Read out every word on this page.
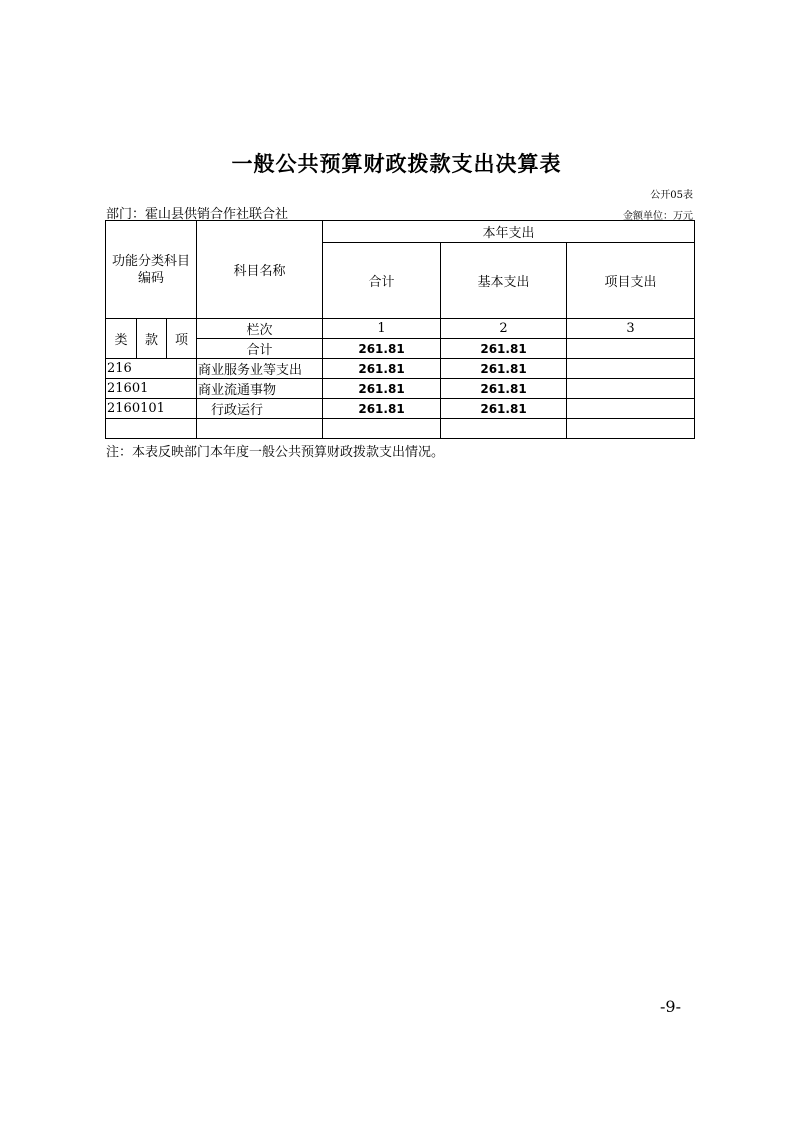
一般公共预算财政拨款支出决算表
公开05表
部门：霍山县供销合作社联合社	金额单位：万元
功能分类科目编码			科目名称	本年支出		
				合计	基本支出	项目支出
类	款	项	栏次	1	2	3
			合计	261.81	261.81	
216			商业服务业等支出	261.81	261.81	
21601			商业流通事物	261.81	261.81	
2160101			行政运行	261.81	261.81	

注：本表反映部门本年度一般公共预算财政拨款支出情况。
-9-
